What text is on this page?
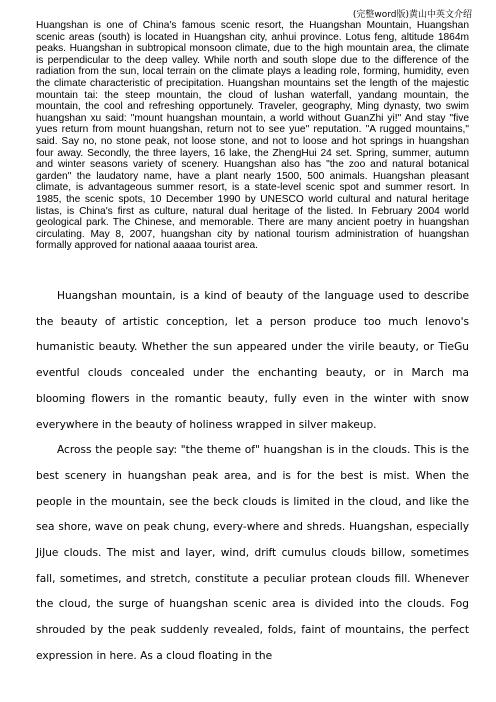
(完整word版)黄山中英文介绍

Huangshan is one of China's famous scenic resort, the Huangshan Mountain, Huangshan scenic areas (south) is located in Huangshan city, anhui province. Lotus feng, altitude 1864m peaks. Huangshan in subtropical monsoon climate, due to the high mountain area, the climate is perpendicular to the deep valley. While north and south slope due to the difference of the radiation from the sun, local terrain on the climate plays a leading role, forming, humidity, even the climate characteristic of precipitation. Huangshan mountains set the length of the majestic mountain tai: the steep mountain, the cloud of lushan waterfall, yandang mountain, the mountain, the cool and refreshing opportunely. Traveler, geography, Ming dynasty, two swim huangshan xu said: "mount huangshan mountain, a world without GuanZhi yi!" And stay "five yues return from mount huangshan, return not to see yue" reputation. "A rugged mountains," said. Say no, no stone peak, not loose stone, and not to loose and hot springs in huangshan four away. Secondly, the three layers, 16 lake, the ZhengHui 24 set. Spring, summer, autumn and winter seasons variety of scenery. Huangshan also has "the zoo and natural botanical garden" the laudatory name, have a plant nearly 1500, 500 animals. Huangshan pleasant climate, is advantageous summer resort, is a state-level scenic spot and summer resort. In 1985, the scenic spots, 10 December 1990 by UNESCO world cultural and natural heritage listas, is China's first as culture, natural dual heritage of the listed. In February 2004 world geological park. The Chinese, and memorable. There are many ancient poetry in huangshan circulating. May 8, 2007, huangshan city by national tourism administration of huangshan formally approved for national aaaaa tourist area.

Huangshan mountain, is a kind of beauty of the language used to describe the beauty of artistic conception, let a person produce too much lenovo's humanistic beauty. Whether the sun appeared under the virile beauty, or TieGu eventful clouds concealed under the enchanting beauty, or in March ma blooming flowers in the romantic beauty, fully even in the winter with snow everywhere in the beauty of holiness wrapped in silver makeup.

Across the people say: "the theme of" huangshan is in the clouds. This is the best scenery in huangshan peak area, and is for the best is mist. When the people in the mountain, see the beck clouds is limited in the cloud, and like the sea shore, wave on peak chung, every-where and shreds. Huangshan, especially JiJue clouds. The mist and layer, wind, drift cumulus clouds billow, sometimes fall, sometimes, and stretch, constitute a peculiar protean clouds fill. Whenever the cloud, the surge of huangshan scenic area is divided into the clouds. Fog shrouded by the peak suddenly revealed, folds, faint of mountains, the perfect expression in here. As a cloud floating in the
